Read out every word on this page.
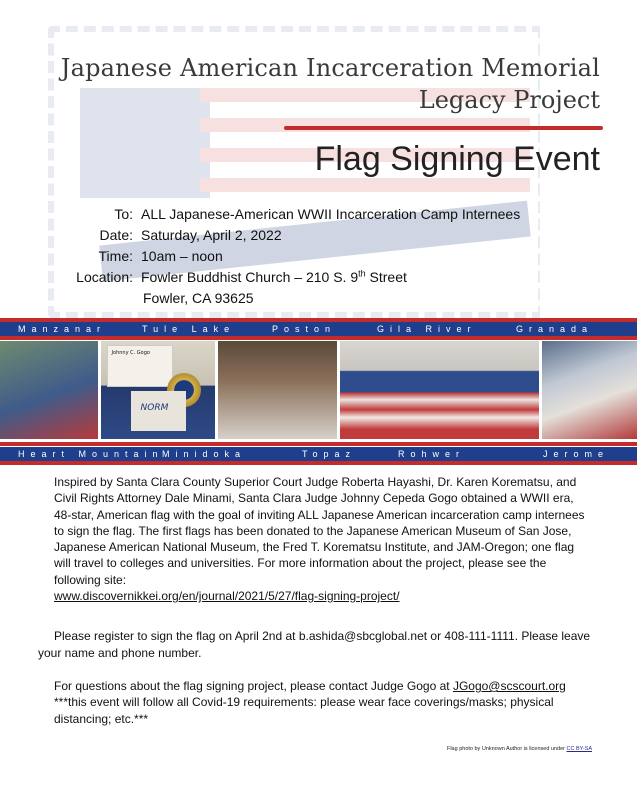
Japanese American Incarceration Memorial
Legacy Project
Flag Signing Event
To: ALL Japanese-American WWII Incarceration Camp Internees
Date: Saturday, April 2, 2022
Time: 10am – noon
Location: Fowler Buddhist Church – 210 S. 9th Street
Fowler, CA 93625
Manzanar	Tule Lake	Poston	Gila River	Granada
Johnny C. Gogo
NORM
Heart Mountain
Minidoka	Topaz	Rohwer	Jerome

Inspired by Santa Clara County Superior Court Judge Roberta Hayashi, Dr. Karen Korematsu, and Civil Rights Attorney Dale Minami, Santa Clara Judge Johnny Cepeda Gogo obtained a WWII era, 48-star, American flag with the goal of inviting ALL Japanese American incarceration camp internees to sign the flag. The first flags has been donated to the Japanese American Museum of San Jose, Japanese American National Museum, the Fred T. Korematsu Institute, and JAM-Oregon; one flag will travel to colleges and universities. For more information about the project, please see the following site:

www.discovernikkei.org/en/journal/2021/5/27/flag-signing-project/
Please register to sign the flag on April 2nd at b.ashida@sbcglobal.net or 408-111-1111. Please leave your name and phone number.
For questions about the flag signing project, please contact Judge Gogo at JGogo@scscourt.org
***this event will follow all Covid-19 requirements: please wear face coverings/masks; physical distancing; etc.***
Flag photo by Unknown Author is licensed under CC BY-SA
